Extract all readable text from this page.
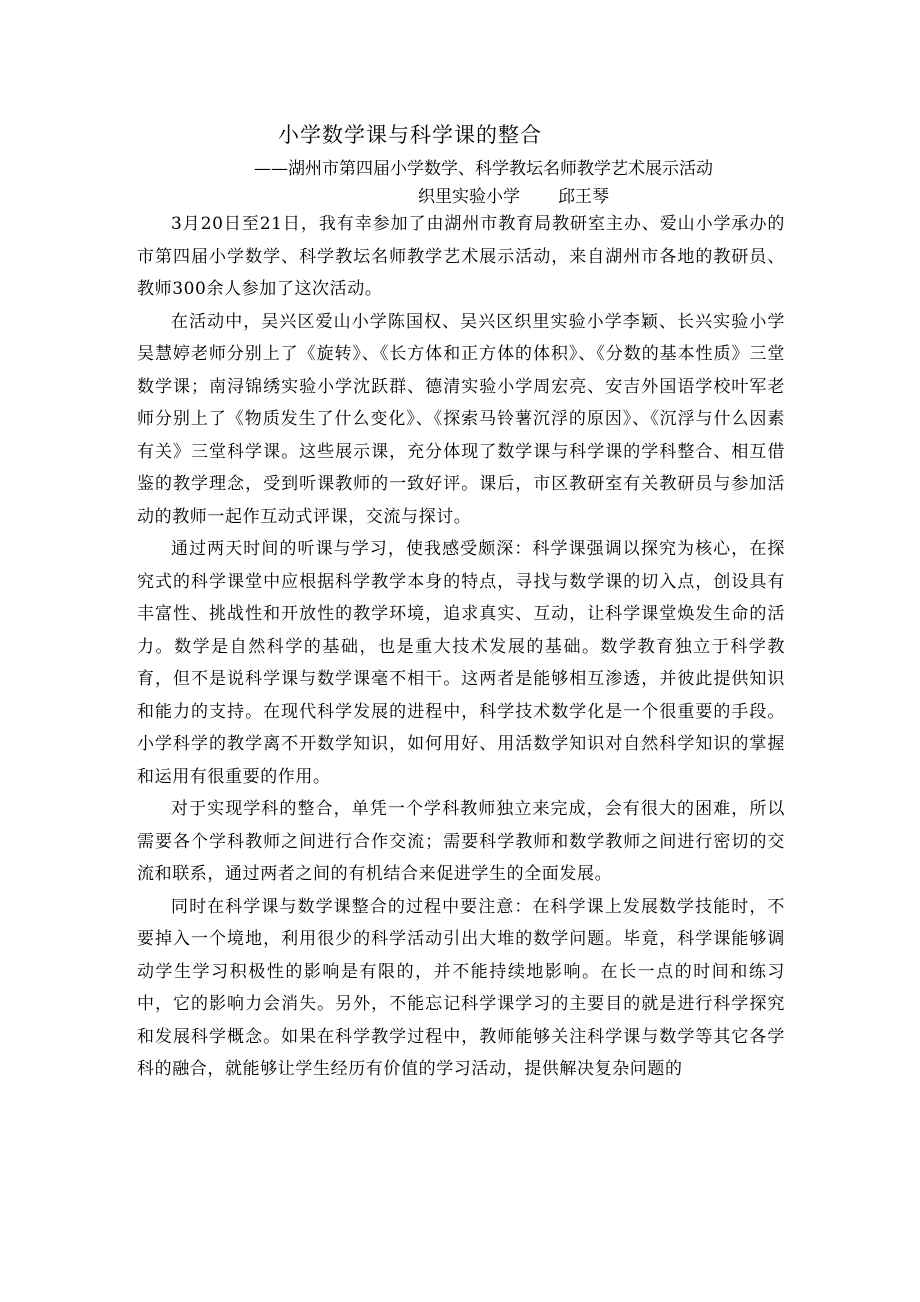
小学数学课与科学课的整合
——湖州市第四届小学数学、科学教坛名师教学艺术展示活动
织里实验小学 邱王琴

3月20日至21日，我有幸参加了由湖州市教育局教研室主办、爱山小学承办的市第四届小学数学、科学教坛名师教学艺术展示活动，来自湖州市各地的教研员、教师300余人参加了这次活动。

在活动中，吴兴区爱山小学陈国权、吴兴区织里实验小学李颖、长兴实验小学吴慧婷老师分别上了《旋转》、《长方体和正方体的体积》、《分数的基本性质》三堂数学课；南浔锦绣实验小学沈跃群、德清实验小学周宏亮、安吉外国语学校叶军老师分别上了《物质发生了什么变化》、《探索马铃薯沉浮的原因》、《沉浮与什么因素有关》三堂科学课。这些展示课，充分体现了数学课与科学课的学科整合、相互借鉴的教学理念，受到听课教师的一致好评。课后，市区教研室有关教研员与参加活动的教师一起作互动式评课，交流与探讨。

通过两天时间的听课与学习，使我感受颇深：科学课强调以探究为核心，在探究式的科学课堂中应根据科学教学本身的特点，寻找与数学课的切入点，创设具有丰富性、挑战性和开放性的教学环境，追求真实、互动，让科学课堂焕发生命的活力。数学是自然科学的基础，也是重大技术发展的基础。数学教育独立于科学教育，但不是说科学课与数学课毫不相干。这两者是能够相互渗透，并彼此提供知识和能力的支持。在现代科学发展的进程中，科学技术数学化是一个很重要的手段。小学科学的教学离不开数学知识，如何用好、用活数学知识对自然科学知识的掌握和运用有很重要的作用。

对于实现学科的整合，单凭一个学科教师独立来完成，会有很大的困难，所以需要各个学科教师之间进行合作交流；需要科学教师和数学教师之间进行密切的交流和联系，通过两者之间的有机结合来促进学生的全面发展。

同时在科学课与数学课整合的过程中要注意：在科学课上发展数学技能时，不要掉入一个境地，利用很少的科学活动引出大堆的数学问题。毕竟，科学课能够调动学生学习积极性的影响是有限的，并不能持续地影响。在长一点的时间和练习中，它的影响力会消失。另外，不能忘记科学课学习的主要目的就是进行科学探究和发展科学概念。如果在科学教学过程中，教师能够关注科学课与数学等其它各学科的融合，就能够让学生经历有价值的学习活动，提供解决复杂问题的
